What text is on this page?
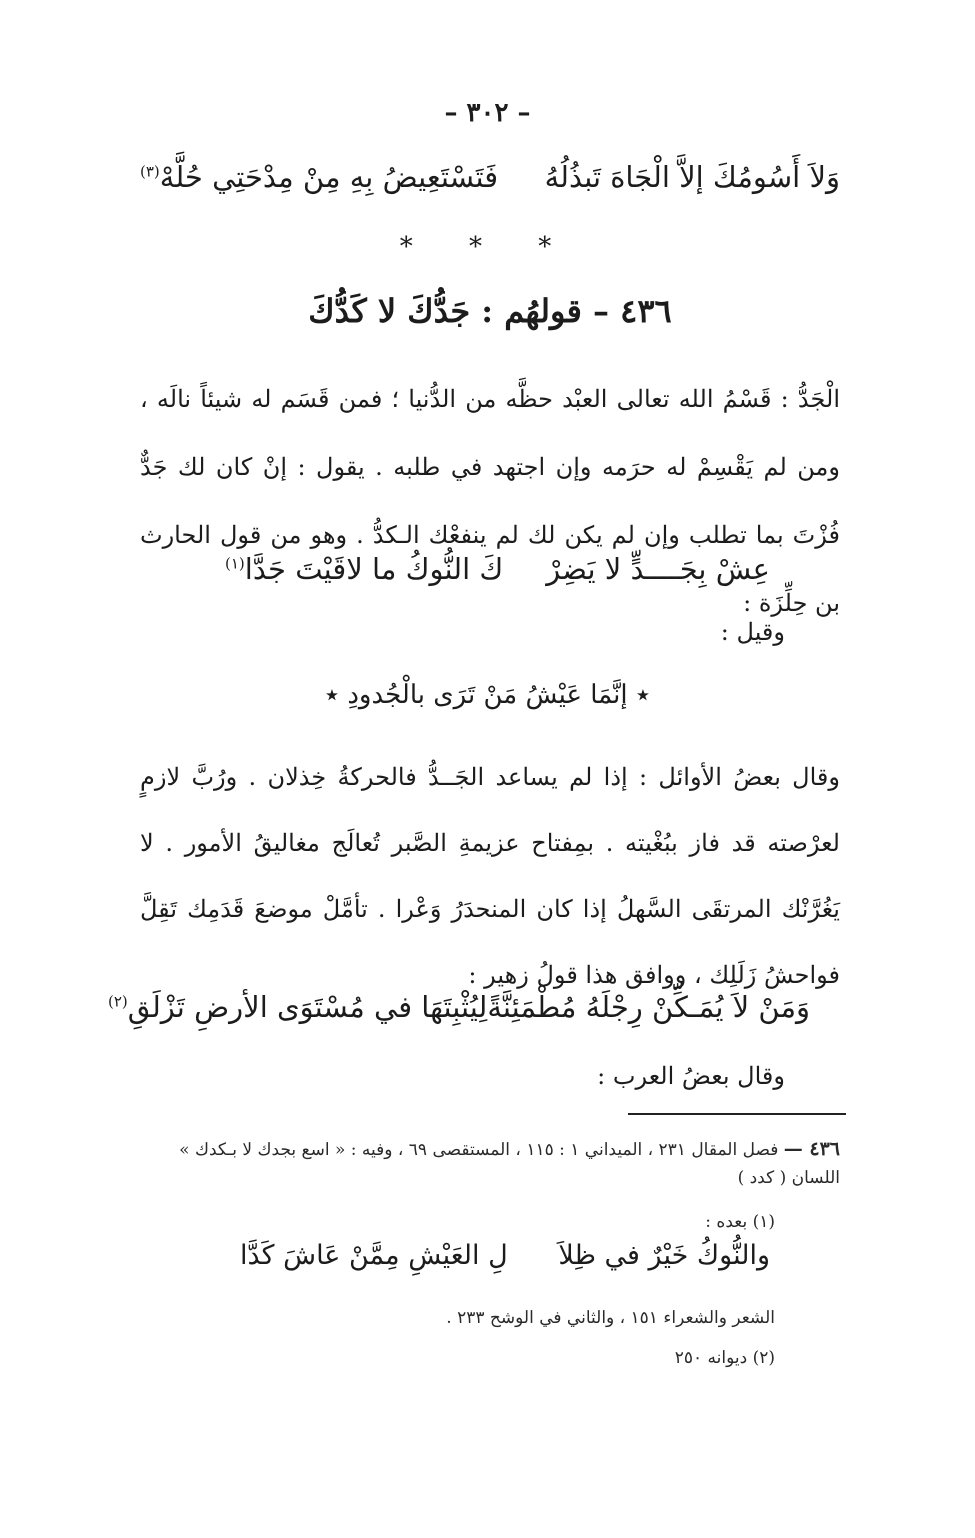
– ٣٠٢ –
وَلاَ أَسُومُكَ إلاَّ الْجَاهَ تَبذُلُهُ
فَتَسْتَعِيضُ بِهِ مِنْ مِدْحَتِي حُلَّهْ$^{(٣)}$
* * *
٤٣٦ – قولهُم : جَدُّكَ لا كَدُّكَ
الْجَدُّ : قَسْمُ الله تعالى العبْد حظَّه من الدُّنيا ؛ فمن قَسَم له شيئاً نالَه ، ومن لم يَقْسِمْ له حرَمه وإن اجتهد في طلبه . يقول : إنْ كان لك جَدٌّ فُزْتَ بما تطلب وإن لم يكن لك لم ينفعْك الـكدُّ . وهو من قول الحارث بن حِلِّزَة :
عِشْ بِجَــــدٍّ لا يَضِرْ
كَ النُّوكُ ما لاقَيْتَ جَدَّا$^{(١)}$
وقيل :
٭ إنَّمَا عَيْشُ مَنْ تَرَى بالْجُدودِ ٭
وقال بعضُ الأوائل : إذا لم يساعد الجَــدُّ فالحركةُ خِذلان . ورُبَّ لازمٍ لعرْصته قد فاز ببُغْيته . بمِفتاح عزيمةِ الصَّبر تُعالَج مغاليقُ الأمور . لا يَغُرَّنْك المرتقَى السَّهلُ إذا كان المنحدَرُ وَعْرا . تأمَّلْ موضعَ قَدَمِك تَقِلَّ فواحشُ زَلَلِك ، ووافق هذا قولُ زهير :
وَمَنْ لاَ يُمَـكِّنْ رِجْلَهُ مُطْمَئِنَّةً
لِيُثْبِتَهَا في مُسْتَوَى الأرضِ تَزْلَقِ$^{(٢)}$
وقال بعضُ العرب :
٤٣٦ — فصل المقال ٢٣١ ، الميداني ١ : ١١٥ ، المستقصى ٦٩ ، وفيه : « اسع بجدك لا بـكدك » اللسان ( كدد )
(١) بعده :
والنُّوكُ خَيْرٌ في ظِلاَ
لِ العَيْشِ مِمَّنْ عَاشَ كَدَّا
الشعر والشعراء ١٥١ ، والثاني في الوشح ٢٣٣ .
(٢) ديوانه ٢٥٠
